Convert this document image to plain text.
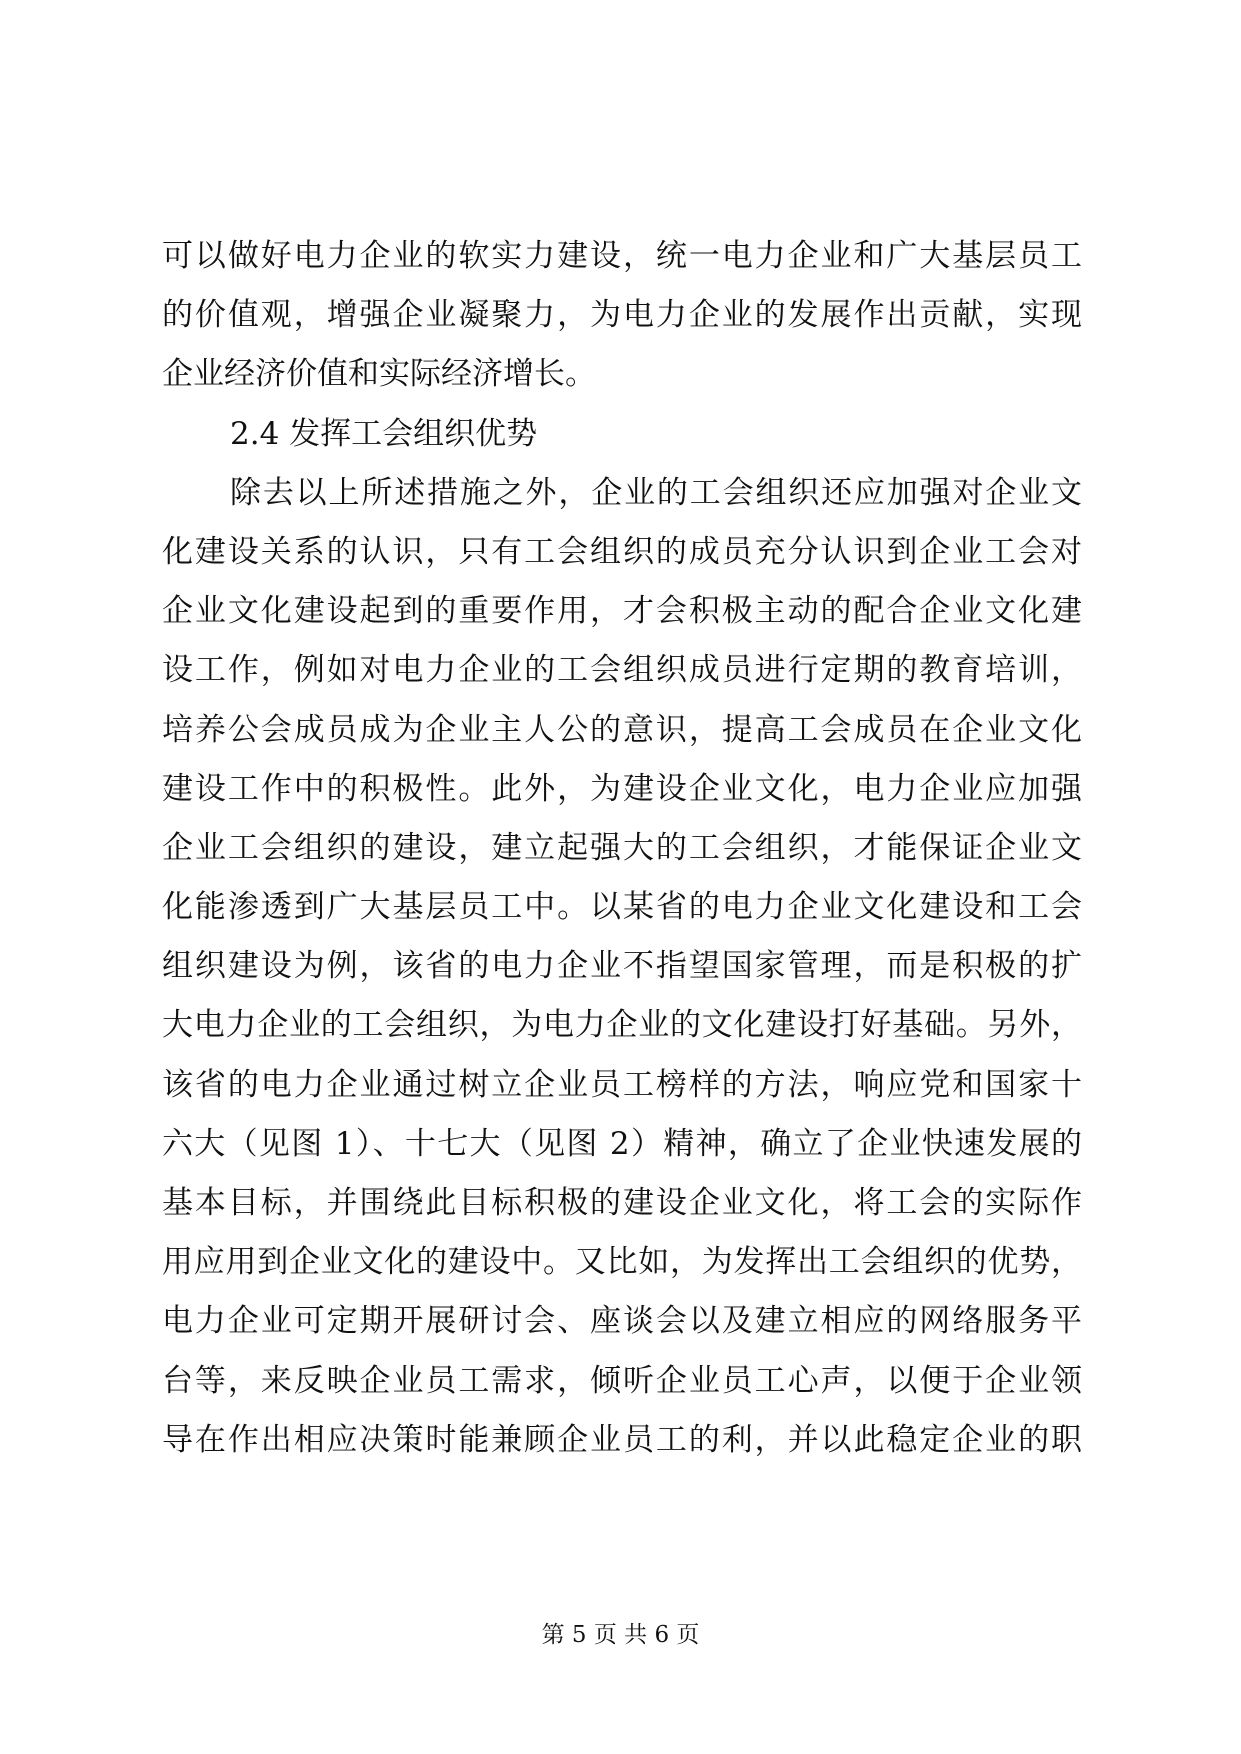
可以做好电力企业的软实力建设，统一电力企业和广大基层员工
的价值观，增强企业凝聚力，为电力企业的发展作出贡献，实现
企业经济价值和实际经济增长。
2.4 发挥工会组织优势
除去以上所述措施之外，企业的工会组织还应加强对企业文
化建设关系的认识，只有工会组织的成员充分认识到企业工会对
企业文化建设起到的重要作用，才会积极主动的配合企业文化建
设工作，例如对电力企业的工会组织成员进行定期的教育培训，
培养公会成员成为企业主人公的意识，提高工会成员在企业文化
建设工作中的积极性。此外，为建设企业文化，电力企业应加强
企业工会组织的建设，建立起强大的工会组织，才能保证企业文
化能渗透到广大基层员工中。以某省的电力企业文化建设和工会
组织建设为例，该省的电力企业不指望国家管理，而是积极的扩
大电力企业的工会组织，为电力企业的文化建设打好基础。另外，
该省的电力企业通过树立企业员工榜样的方法，响应党和国家十
六大（见图 1）、十七大（见图 2）精神，确立了企业快速发展的
基本目标，并围绕此目标积极的建设企业文化，将工会的实际作
用应用到企业文化的建设中。又比如，为发挥出工会组织的优势，
电力企业可定期开展研讨会、座谈会以及建立相应的网络服务平
台等，来反映企业员工需求，倾听企业员工心声，以便于企业领
导在作出相应决策时能兼顾企业员工的利，并以此稳定企业的职
第 5 页 共 6 页
